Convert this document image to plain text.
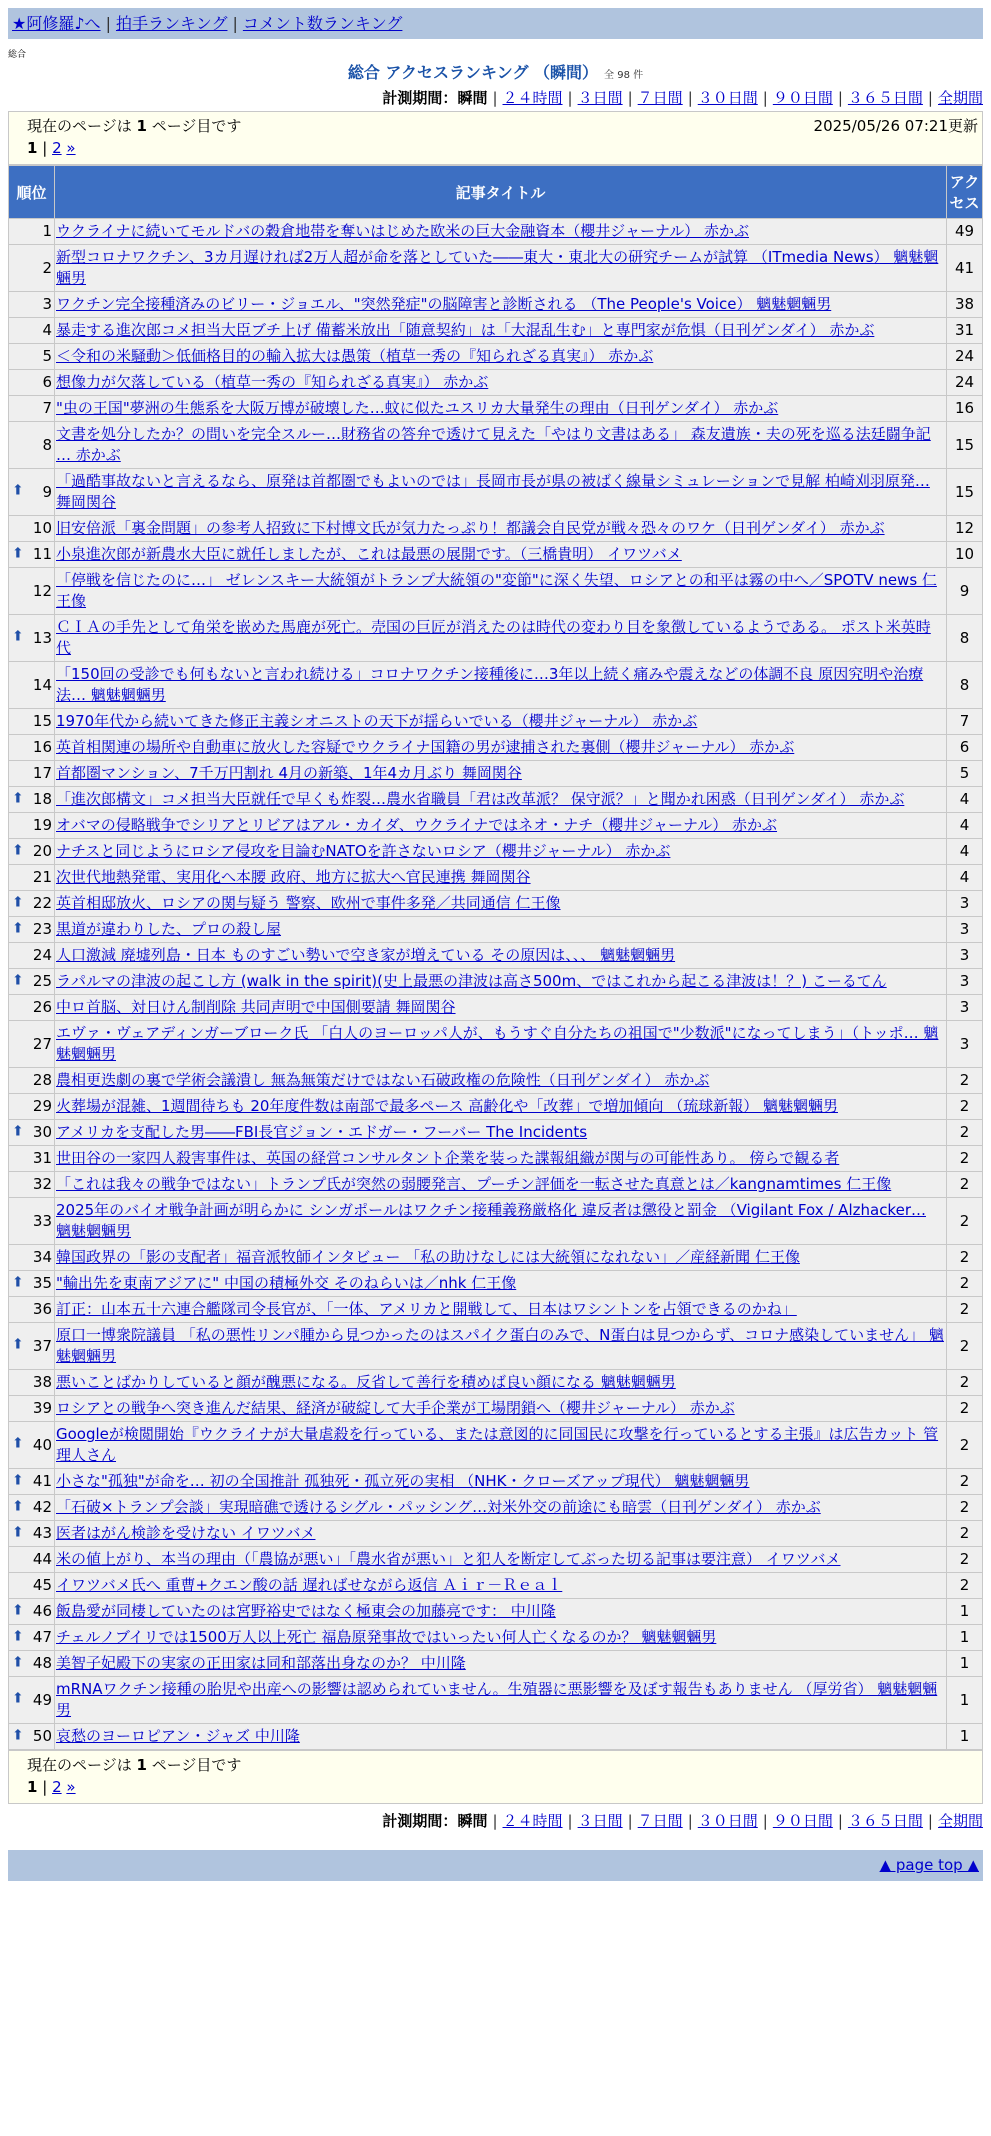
★阿修羅♪へ | 拍手ランキング | コメント数ランキング
総合
総合 アクセスランキング （瞬間） 全 98 件
計測期間：瞬間 | ２４時間 | ３日間 | ７日間 | ３０日間 | ９０日間 | ３６５日間 | 全期間
現在のページは 1 ページ目です
1 | 2 »
2025/05/26 07:21更新
順位	記事タイトル	アクセス
1	ウクライナに続いてモルドバの穀倉地帯を奪いはじめた欧米の巨大金融資本（櫻井ジャーナル） 赤かぶ	49
2	新型コロナワクチン、3カ月遅ければ2万人超が命を落としていた――東大・東北大の研究チームが試算 （ITmedia News） 魑魅魍魎男	41
3	ワクチン完全接種済みのビリー・ジョエル、"突然発症"の脳障害と診断される （The People's Voice） 魑魅魍魎男	38
4	暴走する進次郎コメ担当大臣ブチ上げ 備蓄米放出「随意契約」は「大混乱生む」と専門家が危惧（日刊ゲンダイ） 赤かぶ	31
5	＜令和の米騒動＞低価格目的の輸入拡大は愚策（植草一秀の『知られざる真実』） 赤かぶ	24
6	想像力が欠落している（植草一秀の『知られざる真実』） 赤かぶ	24
7	"虫の王国"夢洲の生態系を大阪万博が破壊した…蚊に似たユスリカ大量発生の理由（日刊ゲンダイ） 赤かぶ	16
8	文書を処分したか？の問いを完全スルー…財務省の答弁で透けて見えた「やはり文書はある」 森友遺族・夫の死を巡る法廷闘争記 … 赤かぶ	15

⬆ 9	「過酷事故ないと言えるなら、原発は首都圏でもよいのでは」長岡市長が県の被ばく線量シミュレーションで見解 柏崎刈羽原発… 舞岡関谷	15
10	旧安倍派「裏金問題」の参考人招致に下村博文氏が気力たっぷり！都議会自民党が戦々恐々のワケ（日刊ゲンダイ） 赤かぶ	12

⬆ 11	小泉進次郎が新農水大臣に就任しましたが、これは最悪の展開です。（三橋貴明） イワツバメ	10
12	「停戦を信じたのに…」 ゼレンスキー大統領がトランプ大統領の"変節"に深く失望、ロシアとの和平は霧の中へ／SPOTV news 仁王像	9

⬆ 13	ＣＩＡの手先として角栄を嵌めた馬鹿が死亡。売国の巨匠が消えたのは時代の変わり目を象徴しているようである。 ポスト米英時代	8
14	「150回の受診でも何もないと言われ続ける」コロナワクチン接種後に…3年以上続く痛みや震えなどの体調不良 原因究明や治療法… 魑魅魍魎男	8
15	1970年代から続いてきた修正主義シオニストの天下が揺らいでいる（櫻井ジャーナル） 赤かぶ	7
16	英首相関連の場所や自動車に放火した容疑でウクライナ国籍の男が逮捕された裏側（櫻井ジャーナル） 赤かぶ	6
17	首都圏マンション、7千万円割れ 4月の新築、1年4カ月ぶり 舞岡関谷	5

⬆ 18	「進次郎構文」コメ担当大臣就任で早くも炸裂…農水省職員「君は改革派？ 保守派？」と聞かれ困惑（日刊ゲンダイ） 赤かぶ	4
19	オバマの侵略戦争でシリアとリビアはアル・カイダ、ウクライナではネオ・ナチ（櫻井ジャーナル） 赤かぶ	4

⬆ 20	ナチスと同じようにロシア侵攻を目論むNATOを許さないロシア（櫻井ジャーナル） 赤かぶ	4
21	次世代地熱発電、実用化へ本腰 政府、地方に拡大へ官民連携 舞岡関谷	4

⬆ 22	英首相邸放火、ロシアの関与疑う 警察、欧州で事件多発／共同通信 仁王像	3

⬆ 23	黒道が違わりした、プロの殺し屋	3
24	人口激減 廃墟列島・日本 ものすごい勢いで空き家が増えている その原因は、、、 魑魅魍魎男	3

⬆ 25	ラパルマの津波の起こし方 (walk in the spirit)(史上最悪の津波は高さ500m、ではこれから起こる津波は！？) こーるてん	3
26	中ロ首脳、対日けん制削除 共同声明で中国側要請 舞岡関谷	3
27	エヴァ・ヴェアディンガーブローク氏 「白人のヨーロッパ人が、もうすぐ自分たちの祖国で"少数派"になってしまう」（トッポ… 魑魅魍魎男	3
28	農相更迭劇の裏で学術会議潰し 無為無策だけではない石破政権の危険性（日刊ゲンダイ） 赤かぶ	2
29	火葬場が混雑、1週間待ちも 20年度件数は南部で最多ペース 高齢化や「改葬」で増加傾向 （琉球新報） 魑魅魍魎男	2

⬆ 30	アメリカを支配した男――FBI長官ジョン・エドガー・フーバー The Incidents	2
31	世田谷の一家四人殺害事件は、英国の経営コンサルタント企業を装った諜報組織が関与の可能性あり。 傍らで観る者	2
32	「これは我々の戦争ではない」トランプ氏が突然の弱腰発言、プーチン評価を一転させた真意とは／kangnamtimes 仁王像	2
33	2025年のバイオ戦争計画が明らかに シンガポールはワクチン接種義務厳格化 違反者は懲役と罰金 （Vigilant Fox / Alzhacker… 魑魅魍魎男	2
34	韓国政界の「影の支配者」福音派牧師インタビュー 「私の助けなしには大統領になれない」／産経新聞 仁王像	2

⬆ 35	"輸出先を東南アジアに" 中国の積極外交 そのねらいは／nhk 仁王像	2
36	訂正：山本五十六連合艦隊司令長官が、「一体、アメリカと開戦して、日本はワシントンを占領できるのかね」	2

⬆ 37	原口一博衆院議員 「私の悪性リンパ腫から見つかったのはスパイク蛋白のみで、N蛋白は見つからず、コロナ感染していません」 魑魅魍魎男	2
38	悪いことばかりしていると顔が醜悪になる。反省して善行を積めば良い顔になる 魑魅魍魎男	2
39	ロシアとの戦争へ突き進んだ結果、経済が破綻して大手企業が工場閉鎖へ（櫻井ジャーナル） 赤かぶ	2

⬆ 40	Googleが検閲開始『ウクライナが大量虐殺を行っている、または意図的に同国民に攻撃を行っているとする主張』は広告カット 管理人さん	2

⬆ 41	小さな"孤独"が命を… 初の全国推計 孤独死・孤立死の実相 （NHK・クローズアップ現代） 魑魅魍魎男	2

⬆ 42	「石破×トランプ会談」実現暗礁で透けるシグル・パッシング…対米外交の前途にも暗雲（日刊ゲンダイ） 赤かぶ	2

⬆ 43	医者はがん検診を受けない イワツバメ	2
44	米の値上がり、本当の理由（「農協が悪い」「農水省が悪い」と犯人を断定してぶった切る記事は要注意） イワツバメ	2
45	イワツバメ氏へ 重曹+クエン酸の話 遅ればせながら返信 Ａｉｒ－Ｒｅａｌ	2

⬆ 46	飯島愛が同棲していたのは宮野裕史ではなく極東会の加藤亮です： 中川隆	1

⬆ 47	チェルノブイリでは1500万人以上死亡 福島原発事故ではいったい何人亡くなるのか？ 魑魅魍魎男	1

⬆ 48	美智子妃殿下の実家の正田家は同和部落出身なのか？ 中川隆	1

⬆ 49	mRNAワクチン接種の胎児や出産への影響は認められていません。生殖器に悪影響を及ぼす報告もありません （厚労省） 魑魅魍魎男	1

⬆ 50	哀愁のヨーロピアン・ジャズ 中川隆	1
現在のページは 1 ページ目です
1 | 2 »
計測期間：瞬間 | ２４時間 | ３日間 | ７日間 | ３０日間 | ９０日間 | ３６５日間 | 全期間
▲ page top ▲
